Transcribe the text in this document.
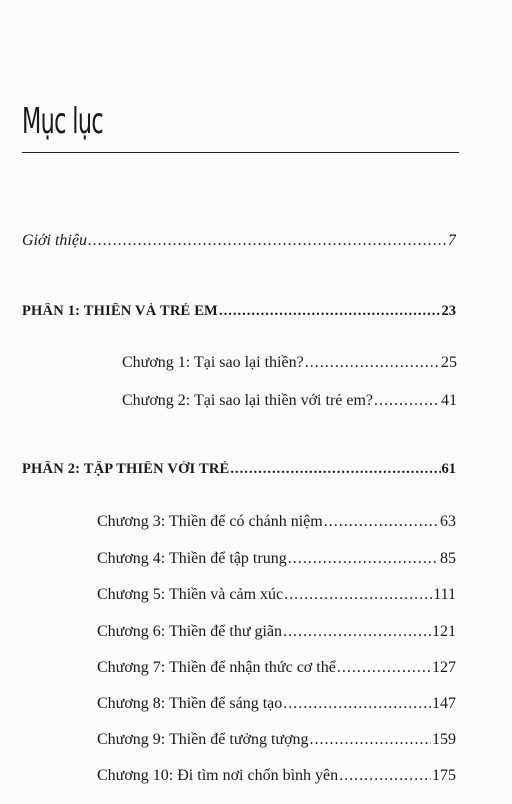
Mục lục
Giới thiệu .....	7
PHẦN 1: THIỀN VÀ TRẺ EM .....	23
Chương 1: Tại sao lại thiền? .....	25
Chương 2: Tại sao lại thiền với trẻ em? .....	41
PHẦN 2: TẬP THIỀN VỚI TRẺ .....	61
Chương 3: Thiền để có chánh niệm .....	63
Chương 4: Thiền để tập trung .....	85
Chương 5: Thiền và cảm xúc .....	111
Chương 6: Thiền để thư giãn .....	121
Chương 7: Thiền để nhận thức cơ thể .....	127
Chương 8: Thiền để sáng tạo .....	147
Chương 9: Thiền để tưởng tượng .....	159
Chương 10: Đi tìm nơi chốn bình yên .....	175
